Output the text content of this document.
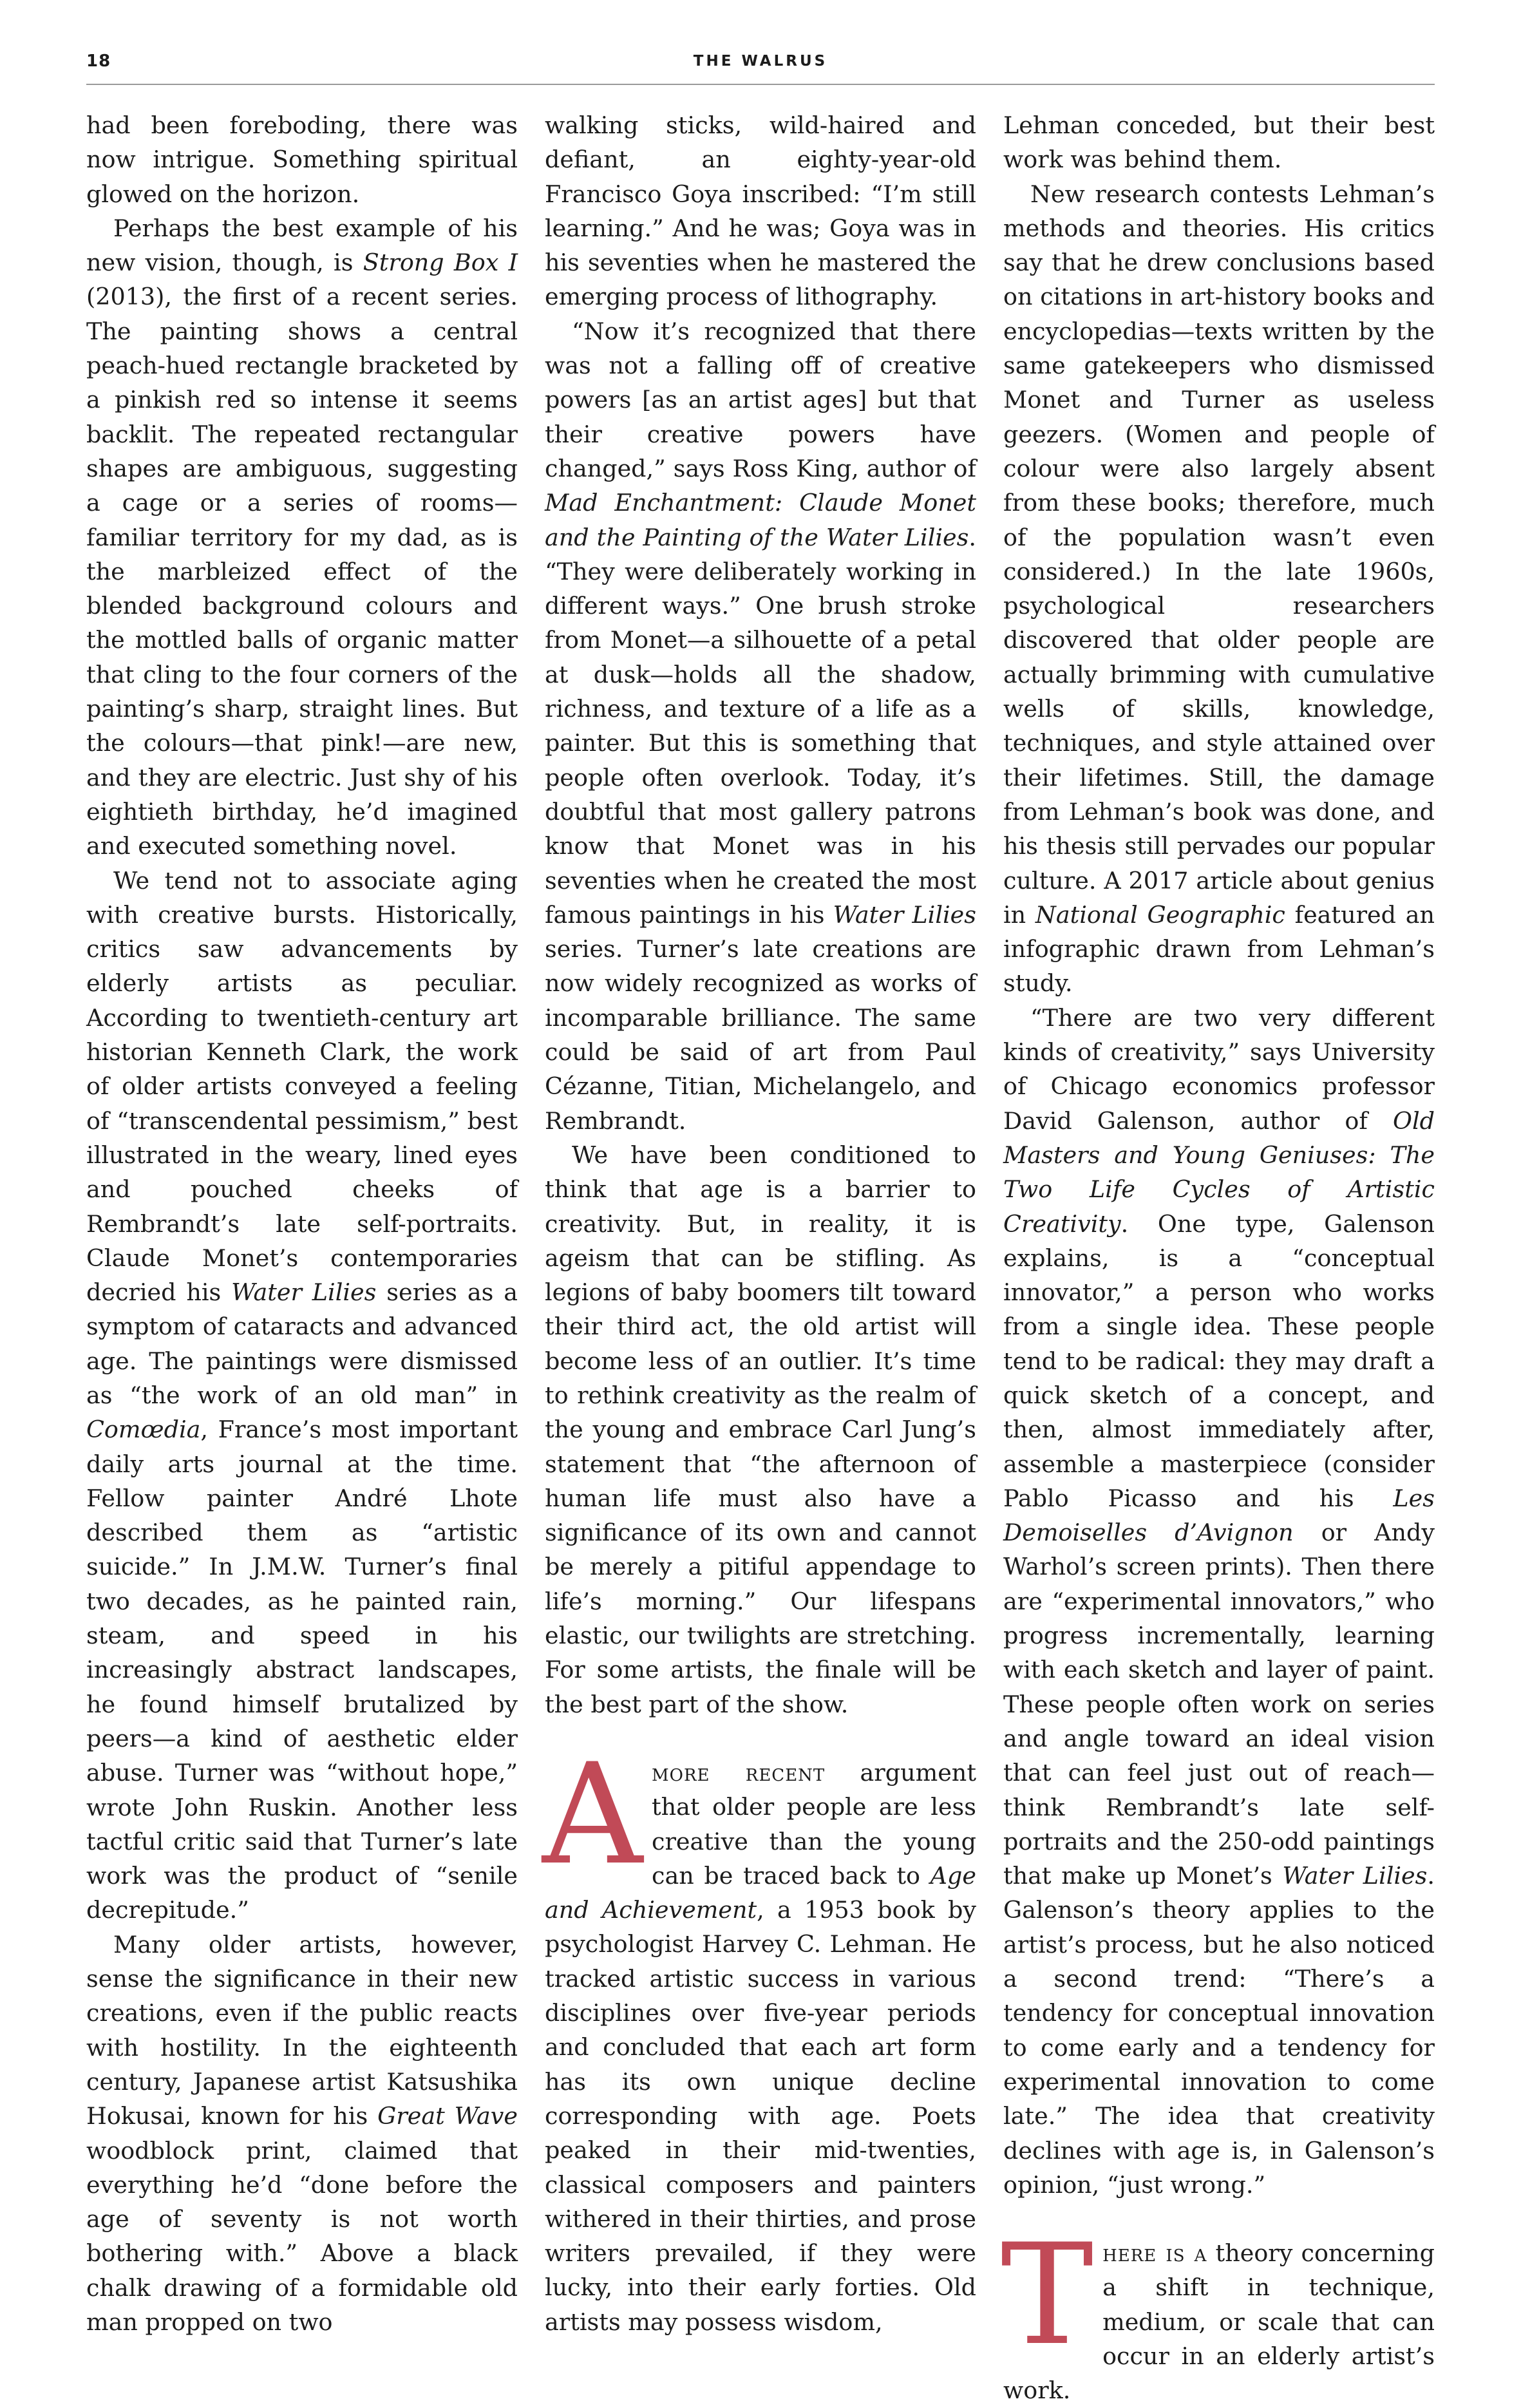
18	THE WALRUS

had been foreboding, there was now intrigue. Something spiritual glowed on the horizon.

Perhaps the best example of his new vision, though, is Strong Box I (2013), the first of a recent series. The painting shows a central peach-hued rectangle bracketed by a pinkish red so intense it seems backlit. The repeated rectangular shapes are ambiguous, suggesting a cage or a series of rooms—familiar territory for my dad, as is the marbleized effect of the blended background colours and the mottled balls of organic matter that cling to the four corners of the painting’s sharp, straight lines. But the colours—that pink!—are new, and they are electric. Just shy of his eightieth birthday, he’d imagined and executed something novel.

We tend not to associate aging with creative bursts. Historically, critics saw advancements by elderly artists as peculiar. According to twentieth-century art historian Kenneth Clark, the work of older artists conveyed a feeling of “transcendental pessimism,” best illustrated in the weary, lined eyes and pouched cheeks of Rembrandt’s late self-portraits. Claude Monet’s contemporaries decried his Water Lilies series as a symptom of cataracts and advanced age. The paintings were dismissed as “the work of an old man” in Comœdia, France’s most important daily arts journal at the time. Fellow painter André Lhote described them as “artistic suicide.” In J.M.W. Turner’s final two decades, as he painted rain, steam, and speed in his increasingly abstract landscapes, he found himself brutalized by peers—a kind of aesthetic elder abuse. Turner was “without hope,” wrote John Ruskin. Another less tactful critic said that Turner’s late work was the product of “senile decrepitude.”

Many older artists, however, sense the significance in their new creations, even if the public reacts with hostility. In the eighteenth century, Japanese artist Katsushika Hokusai, known for his Great Wave woodblock print, claimed that everything he’d “done before the age of seventy is not worth bothering with.” Above a black chalk drawing of a formidable old man propped on two

walking sticks, wild-haired and defiant, an eighty-year-old Francisco Goya inscribed: “I’m still learning.” And he was; Goya was in his seventies when he mastered the emerging process of lithography.

“Now it’s recognized that there was not a falling off of creative powers [as an artist ages] but that their creative powers have changed,” says Ross King, author of Mad Enchantment: Claude Monet and the Painting of the Water Lilies. “They were deliberately working in different ways.” One brush stroke from Monet—a silhouette of a petal at dusk—holds all the shadow, richness, and texture of a life as a painter. But this is something that people often overlook. Today, it’s doubtful that most gallery patrons know that Monet was in his seventies when he created the most famous paintings in his Water Lilies series. Turner’s late creations are now widely recognized as works of incomparable brilliance. The same could be said of art from Paul Cézanne, Titian, Michelangelo, and Rembrandt.

We have been conditioned to think that age is a barrier to creativity. But, in reality, it is ageism that can be stifling. As legions of baby boomers tilt toward their third act, the old artist will become less of an outlier. It’s time to rethink creativity as the realm of the young and embrace Carl Jung’s statement that “the afternoon of human life must also have a significance of its own and cannot be merely a pitiful appendage to life’s morning.” Our lifespans elastic, our twilights are stretching. For some artists, the finale will be the best part of the show.

Amore recent argument that older people are less creative than the young can be traced back to Age and Achievement, a 1953 book by psychologist Harvey C. Lehman. He tracked artistic success in various disciplines over five-year periods and concluded that each art form has its own unique decline corresponding with age. Poets peaked in their mid-twenties, classical composers and painters withered in their thirties, and prose writers prevailed, if they were lucky, into their early forties. Old artists may possess wisdom,

Lehman conceded, but their best work was behind them.

New research contests Lehman’s methods and theories. His critics say that he drew conclusions based on citations in art-history books and encyclopedias—texts written by the same gatekeepers who dismissed Monet and Turner as useless geezers. (Women and people of colour were also largely absent from these books; therefore, much of the population wasn’t even considered.) In the late 1960s, psychological researchers discovered that older people are actually brimming with cumulative wells of skills, knowledge, techniques, and style attained over their lifetimes. Still, the damage from Lehman’s book was done, and his thesis still pervades our popular culture. A 2017 article about genius in National Geographic featured an infographic drawn from Lehman’s study.

“There are two very different kinds of creativity,” says University of Chicago economics professor David Galenson, author of Old Masters and Young Geniuses: The Two Life Cycles of Artistic Creativity. One type, Galenson explains, is a “conceptual innovator,” a person who works from a single idea. These people tend to be radical: they may draft a quick sketch of a concept, and then, almost immediately after, assemble a masterpiece (consider Pablo Picasso and his Les Demoiselles d’Avignon or Andy Warhol’s screen prints). Then there are “experimental innovators,” who progress incrementally, learning with each sketch and layer of paint. These people often work on series and angle toward an ideal vision that can feel just out of reach—think Rembrandt’s late self-portraits and the 250-odd paintings that make up Monet’s Water Lilies. Galenson’s theory applies to the artist’s process, but he also noticed a second trend: “There’s a tendency for conceptual innovation to come early and a tendency for experimental innovation to come late.” The idea that creativity declines with age is, in Galenson’s opinion, “just wrong.”

There is a theory concerning a shift in technique, medium, or scale that can occur in an elderly artist’s work.
